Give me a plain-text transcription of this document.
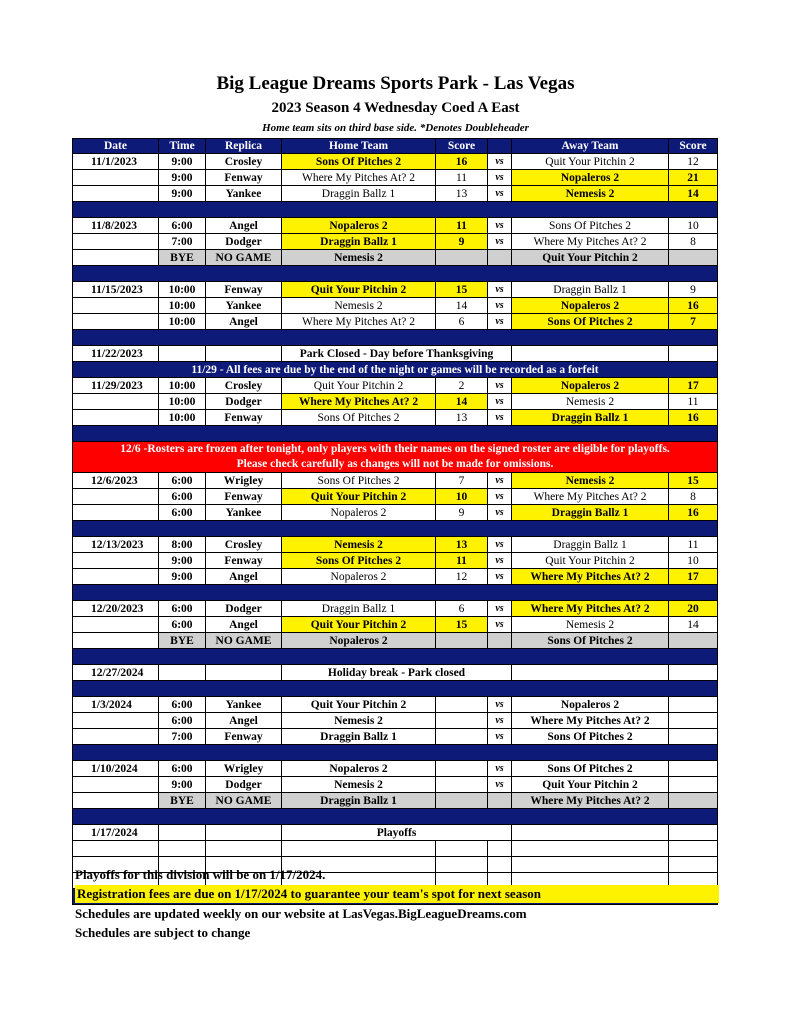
Big League Dreams Sports Park - Las Vegas
2023 Season 4 Wednesday Coed A East
Home team sits on third base side. *Denotes Doubleheader
Date	Time	Replica	Home Team	Score		Away Team	Score
11/1/2023	9:00	Crosley	Sons Of Pitches 2	16	vs	Quit Your Pitchin 2	12
	9:00	Fenway	Where My Pitches At? 2	11	vs	Nopaleros 2	21
	9:00	Yankee	Draggin Ballz 1	13	vs	Nemesis 2	14

11/8/2023	6:00	Angel	Nopaleros 2	11	vs	Sons Of Pitches 2	10
	7:00	Dodger	Draggin Ballz 1	9	vs	Where My Pitches At? 2	8
	BYE	NO GAME	Nemesis 2			Quit Your Pitchin 2	

11/15/2023	10:00	Fenway	Quit Your Pitchin 2	15	vs	Draggin Ballz 1	9
	10:00	Yankee	Nemesis 2	14	vs	Nopaleros 2	16
	10:00	Angel	Where My Pitches At? 2	6	vs	Sons Of Pitches 2	7

11/22/2023			Park Closed - Day before Thanksgiving				
11/29 - All fees are due by the end of the night or games will be recorded as a forfeit							
11/29/2023	10:00	Crosley	Quit Your Pitchin 2	2	vs	Nopaleros 2	17
	10:00	Dodger	Where My Pitches At? 2	14	vs	Nemesis 2	11
	10:00	Fenway	Sons Of Pitches 2	13	vs	Draggin Ballz 1	16

12/6 -Rosters are frozen after tonight, only players with their names on the signed roster are eligible for playoffs.
Please check carefully as changes will not be made for omissions.							

12/6/2023	6:00	Wrigley	Sons Of Pitches 2	7	vs	Nemesis 2	15
	6:00	Fenway	Quit Your Pitchin 2	10	vs	Where My Pitches At? 2	8
	6:00	Yankee	Nopaleros 2	9	vs	Draggin Ballz 1	16

12/13/2023	8:00	Crosley	Nemesis 2	13	vs	Draggin Ballz 1	11
	9:00	Fenway	Sons Of Pitches 2	11	vs	Quit Your Pitchin 2	10
	9:00	Angel	Nopaleros 2	12	vs	Where My Pitches At? 2	17

12/20/2023	6:00	Dodger	Draggin Ballz 1	6	vs	Where My Pitches At? 2	20
	6:00	Angel	Quit Your Pitchin 2	15	vs	Nemesis 2	14
	BYE	NO GAME	Nopaleros 2			Sons Of Pitches 2	

12/27/2024			Holiday break - Park closed				

1/3/2024	6:00	Yankee	Quit Your Pitchin 2		vs	Nopaleros 2	
	6:00	Angel	Nemesis 2		vs	Where My Pitches At? 2	
	7:00	Fenway	Draggin Ballz 1		vs	Sons Of Pitches 2	

1/10/2024	6:00	Wrigley	Nopaleros 2		vs	Sons Of Pitches 2	
	9:00	Dodger	Nemesis 2		vs	Quit Your Pitchin 2	
	BYE	NO GAME	Draggin Ballz 1			Where My Pitches At? 2	

1/17/2024			Playoffs				

Playoffs for this division will be on 1/17/2024.
Registration fees are due on 1/17/2024 to guarantee your team's spot for next season
Schedules are updated weekly on our website at LasVegas.BigLeagueDreams.com
Schedules are subject to change
